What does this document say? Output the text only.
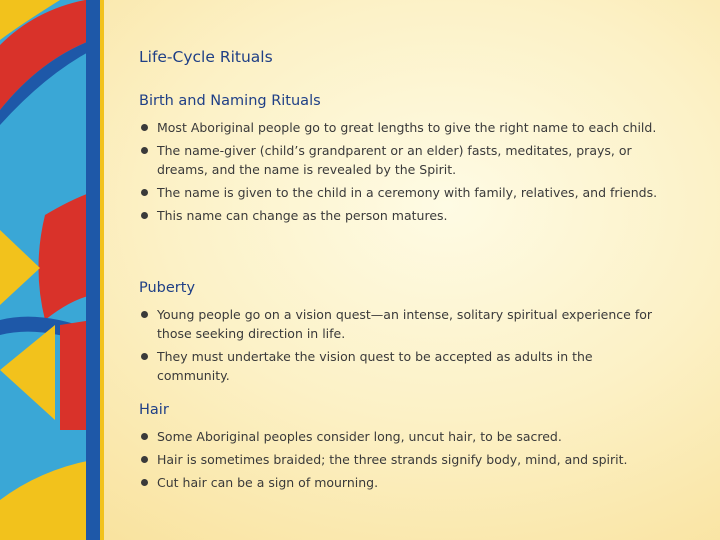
Life-Cycle Rituals
Birth and Naming Rituals
Most Aboriginal people go to great lengths to give the right name to each child.
The name-giver (child’s grandparent or an elder) fasts, meditates, prays, or dreams, and the name is revealed by the Spirit.
The name is given to the child in a ceremony with family, relatives, and friends.
This name can change as the person matures.
Puberty
Young people go on a vision quest—an intense, solitary spiritual experience for those seeking direction in life.
They must undertake the vision quest to be accepted as adults in the community.
Hair
Some Aboriginal peoples consider long, uncut hair, to be sacred.
Hair is sometimes braided; the three strands signify body, mind, and spirit.
Cut hair can be a sign of mourning.
